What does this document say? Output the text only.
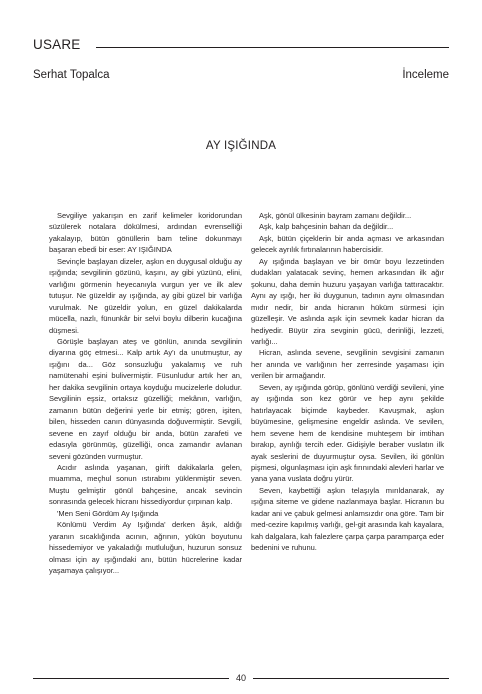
USARE
Serhat Topalca	İnceleme
AY IŞIĞINDA

Sevgiliye yakarışın en zarif kelimeler koridorundan süzülerek notalara dökülmesi, ardından evrenselliği yakalayıp, bütün gönüllerin bam teline dokunmayı başaran ebedi bir eser: AY IŞIĞINDA

Sevinçle başlayan dizeler, aşkın en duygusal olduğu ay ışığında; sevgilinin gözünü, kaşını, ay gibi yüzünü, elini, varlığını görmenin heyecanıyla vurgun yer ve ilk alev tutuşur. Ne güzeldir ay ışığında, ay gibi güzel bir varlığa vurulmak. Ne güzeldir yolun, en güzel dakikalarda mücella, nazlı, fünunkâr bir selvi boylu dilberin kucağına düşmesi.

Görüşle başlayan ateş ve gönlün, anında sevgilinin diyarına göç etmesi... Kalp artık Ay'ı da unutmuştur, ay ışığını da... Göz sonsuzluğu yakalamış ve ruh namütenahi eşini bulivermiştir. Füsunludur artık her an, her dakika sevgilinin ortaya koyduğu mucizelerle doludur. Sevgilinin eşsiz, ortaksız güzelliği; mekânın, varlığın, zamanın bütün değerini yerle bir etmiş; gören, işiten, bilen, hisseden canın dünyasında doğuvermiştir. Sevgili, sevene en zayıf olduğu bir anda, bütün zarafeti ve edasıyla görünmüş, güzelliği, onca zamandır avlanan seveni gözünden vurmuştur.

Acıdır aslında yaşanan, girift dakikalarla gelen, muamma, meçhul sonun ıstırabını yüklenmiştir seven. Muştu gelmiştir gönül bahçesine, ancak sevincin sonrasında gelecek hicranı hissediyordur çırpınan kalp.

'Men Seni Gördüm Ay Işığında

Könlümü Verdim Ay Işığında' derken âşık, aldığı yaranın sıcaklığında acının, ağrının, yükün boyutunu hissedemiyor ve yakaladığı mutluluğun, huzurun sonsuz olması için ay ışığındaki anı, bütün hücrelerine kadar yaşamaya çalışıyor...

Aşk, gönül ülkesinin bayram zamanı değildir...

Aşk, kalp bahçesinin baharı da değildir...

Aşk, bütün çiçeklerin bir anda açması ve arkasından gelecek ayrılık fırtınalarının habercisidir.

Ay ışığında başlayan ve bir ömür boyu lezzetinden dudakları yalatacak sevinç, hemen arkasından ilk ağır şokunu, daha demin huzuru yaşayan varlığa tattıracaktır. Aynı ay ışığı, her iki duygunun, tadının aynı olmasından mıdır nedir, bir anda hicranın hüküm sürmesi için güzelleşir. Ve aslında aşık için sevmek kadar hicran da hediyedir. Büyür zira sevginin gücü, derinliği, lezzeti, varlığı...

Hicran, aslında sevene, sevgilinin sevgisini zamanın her anında ve varlığının her zerresinde yaşaması için verilen bir armağandır.

Seven, ay ışığında görüp, gönlünü verdiği sevileni, yine ay ışığında son kez görür ve hep aynı şekilde hatırlayacak biçimde kaybeder. Kavuşmak, aşkın büyümesine, gelişmesine engeldir aslında. Ve sevilen, hem sevene hem de kendisine muhteşem bir imtihan bırakıp, ayrılığı tercih eder. Gidişiyle beraber vuslatın ilk ayak seslerini de duyurmuştur oysa. Sevilen, iki gönlün pişmesi, olgunlaşması için aşk fırınındaki alevleri harlar ve yana yana vuslata doğru yürür.

Seven, kaybettiği aşkın telaşıyla mırıldanarak, ay ışığına siteme ve gidene nazlanmaya başlar. Hicranın bu kadar ani ve çabuk gelmesi anlamsızdır ona göre. Tam bir med-cezire kapılmış varlığı, gel-git arasında kah kayalara, kah dalgalara, kah falezlere çarpa çarpa paramparça eder bedenini ve ruhunu.

40
